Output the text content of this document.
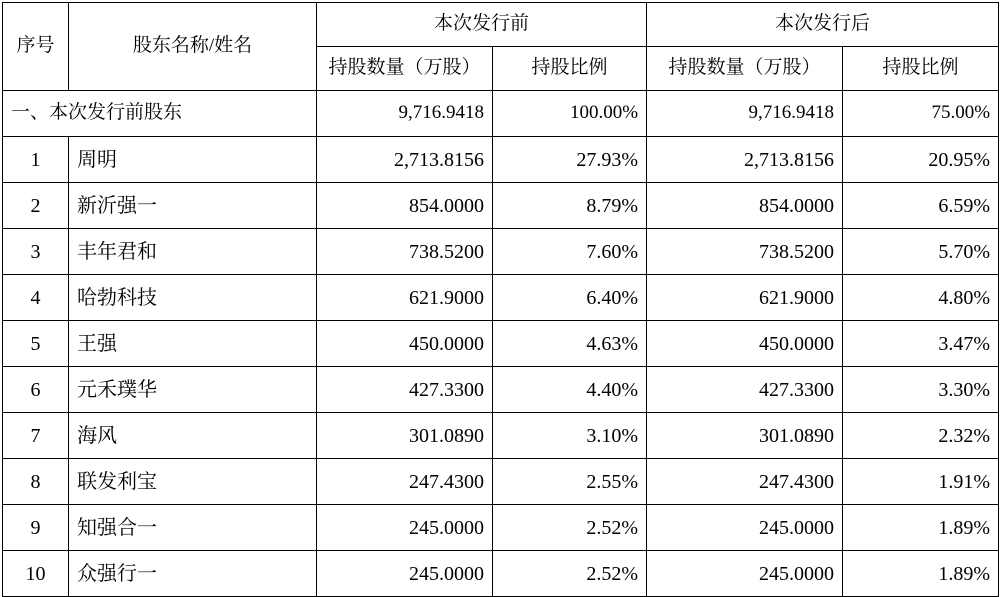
序号	股东名称/姓名	本次发行前		本次发行后	
		持股数量（万股）	持股比例	持股数量（万股）	持股比例
一、本次发行前股东		9,716.9418	100.00%	9,716.9418	75.00%
1	周明	2,713.8156	27.93%	2,713.8156	20.95%
2	新沂强一	854.0000	8.79%	854.0000	6.59%
3	丰年君和	738.5200	7.60%	738.5200	5.70%
4	哈勃科技	621.9000	6.40%	621.9000	4.80%
5	王强	450.0000	4.63%	450.0000	3.47%
6	元禾璞华	427.3300	4.40%	427.3300	3.30%
7	海风	301.0890	3.10%	301.0890	2.32%
8	联发利宝	247.4300	2.55%	247.4300	1.91%
9	知强合一	245.0000	2.52%	245.0000	1.89%
10	众强行一	245.0000	2.52%	245.0000	1.89%
